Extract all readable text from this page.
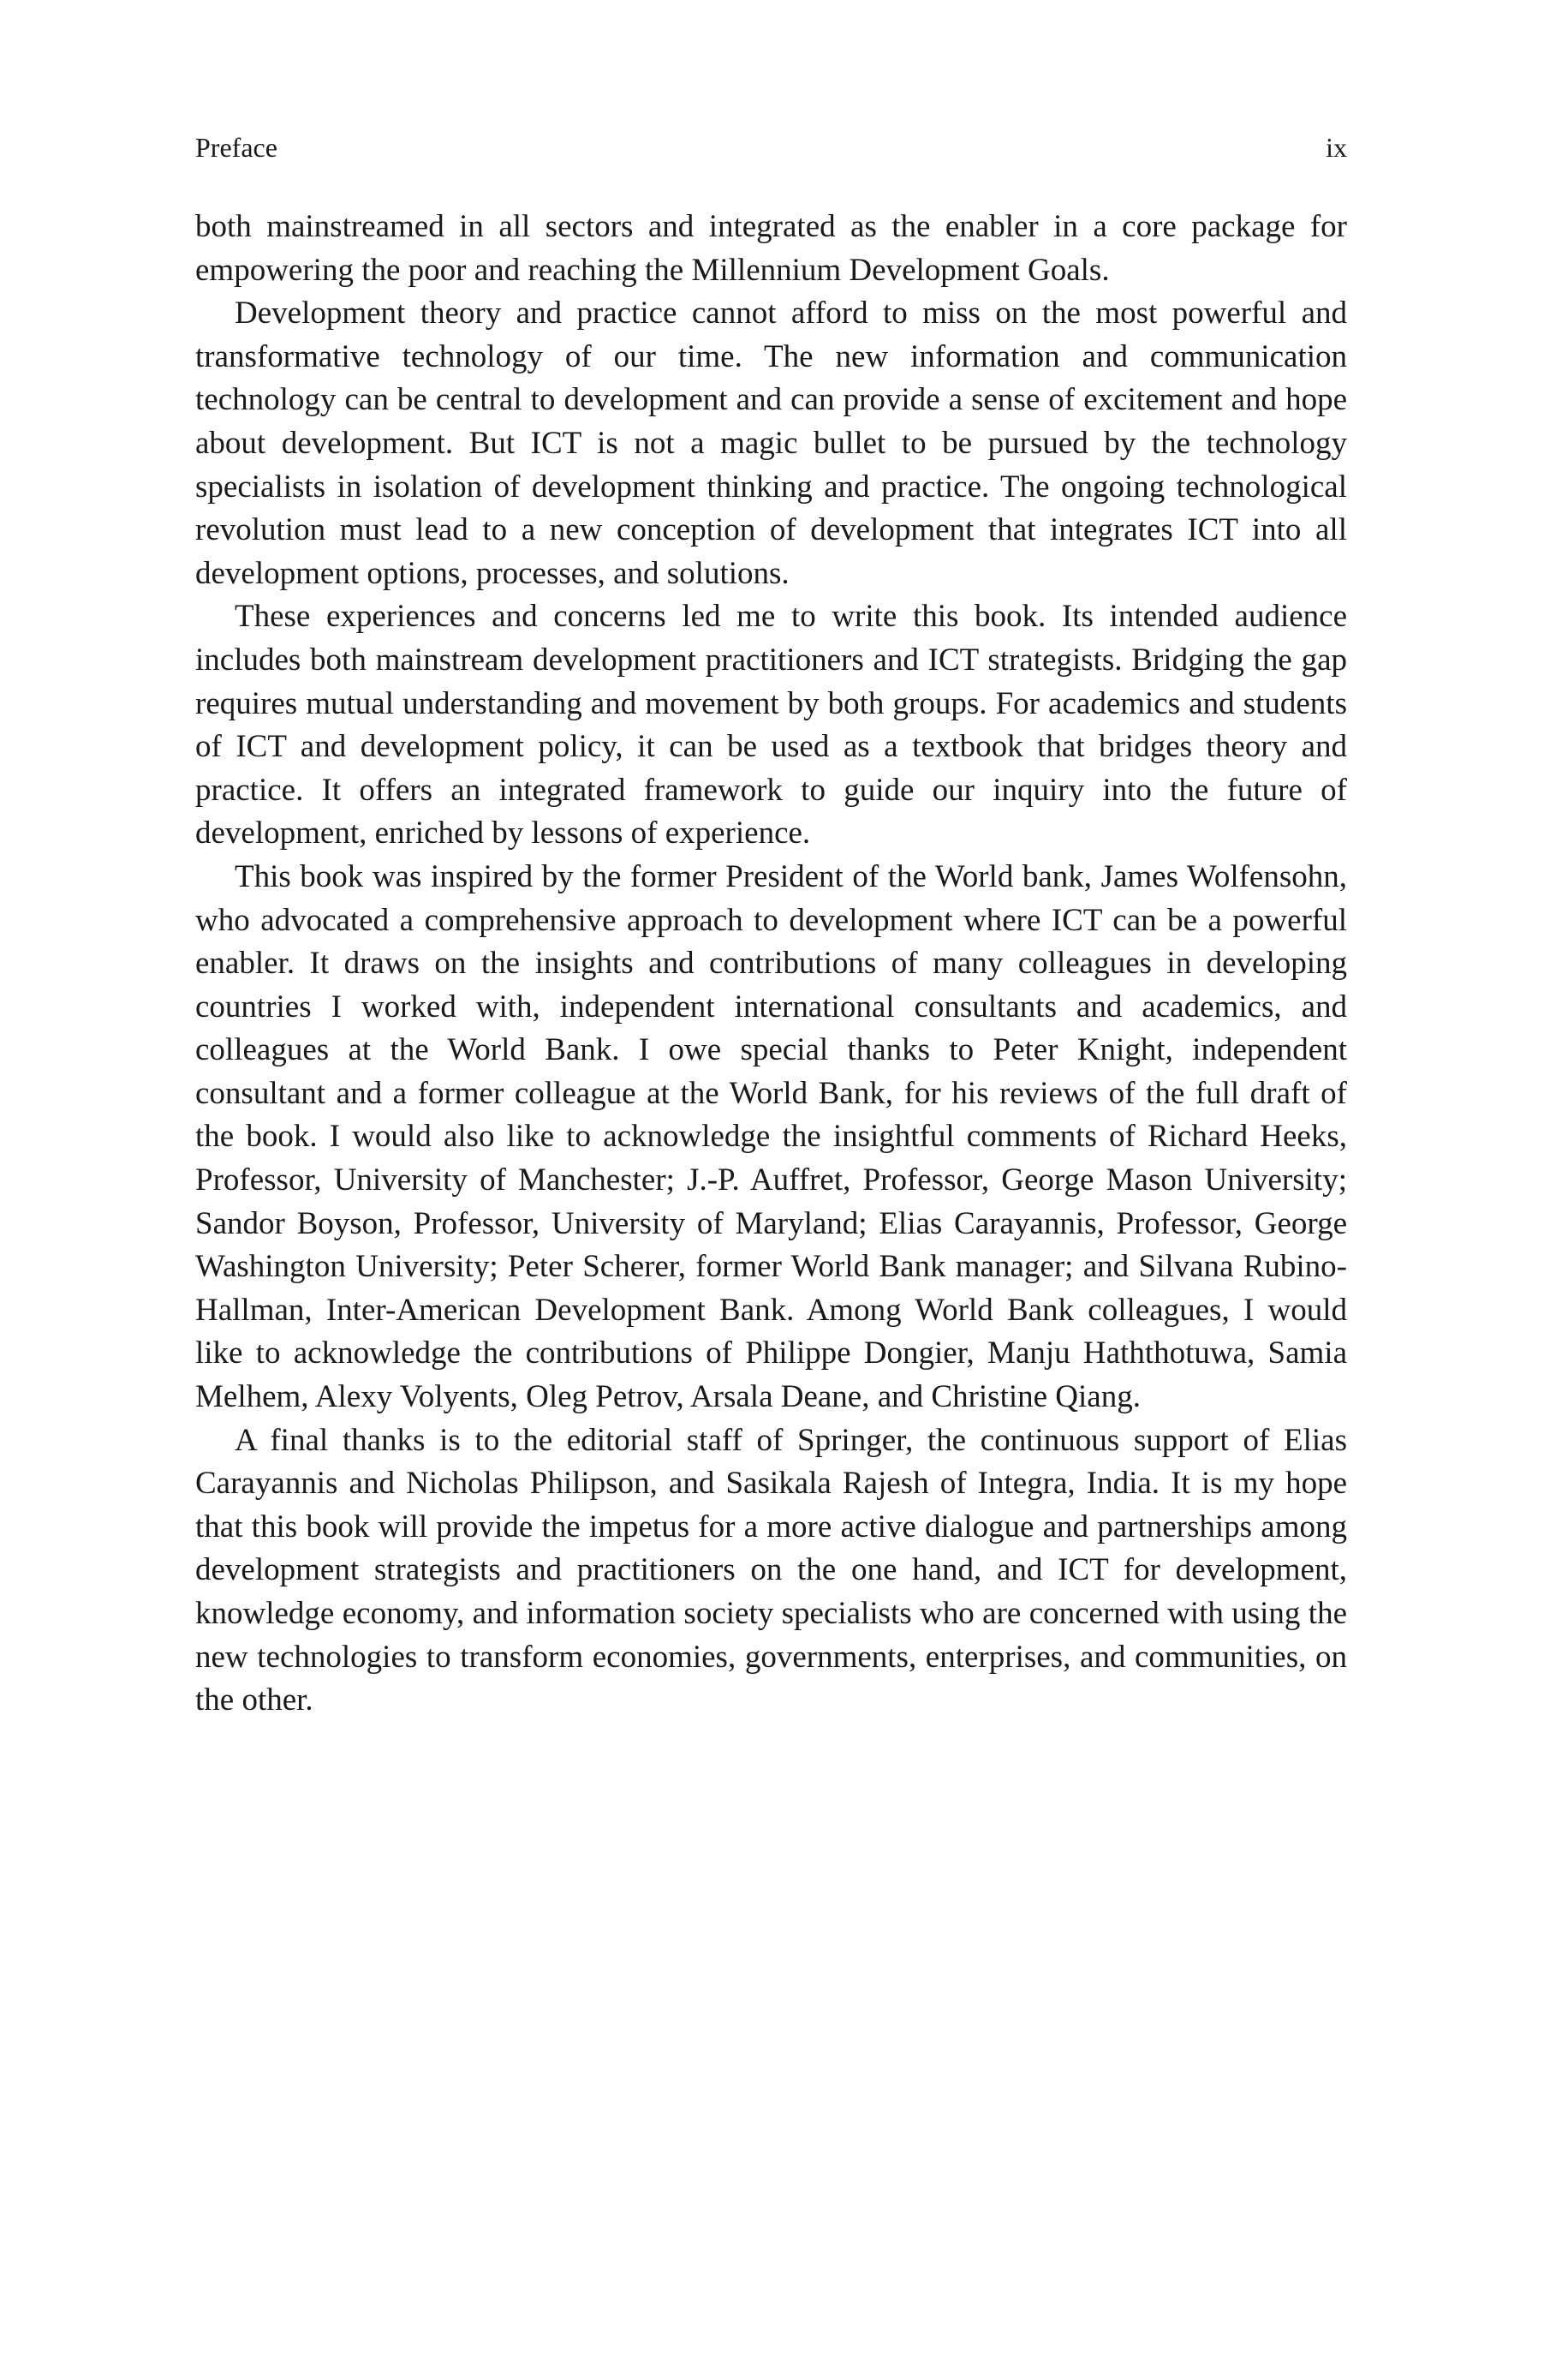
Preface	ix

both mainstreamed in all sectors and integrated as the enabler in a core package for empowering the poor and reaching the Millennium Development Goals.

Development theory and practice cannot afford to miss on the most powerful and transformative technology of our time. The new information and communication technology can be central to development and can provide a sense of excitement and hope about development. But ICT is not a magic bullet to be pursued by the technology specialists in isolation of development thinking and practice. The ongoing technological revolution must lead to a new conception of development that integrates ICT into all development options, processes, and solutions.

These experiences and concerns led me to write this book. Its intended audience includes both mainstream development practitioners and ICT strategists. Bridging the gap requires mutual understanding and movement by both groups. For academics and students of ICT and development policy, it can be used as a textbook that bridges theory and practice. It offers an integrated framework to guide our inquiry into the future of development, enriched by lessons of experience.

This book was inspired by the former President of the World bank, James Wolfensohn, who advocated a comprehensive approach to development where ICT can be a powerful enabler. It draws on the insights and contributions of many colleagues in developing countries I worked with, independent international consultants and academics, and colleagues at the World Bank. I owe special thanks to Peter Knight, independent consultant and a former colleague at the World Bank, for his reviews of the full draft of the book. I would also like to acknowledge the insightful comments of Richard Heeks, Professor, University of Manchester; J.-P. Auffret, Professor, George Mason University; Sandor Boyson, Professor, University of Maryland; Elias Carayannis, Professor, George Washington University; Peter Scherer, former World Bank manager; and Silvana Rubino-Hallman, Inter-American Development Bank. Among World Bank colleagues, I would like to acknowledge the contributions of Philippe Dongier, Manju Haththotuwa, Samia Melhem, Alexy Volyents, Oleg Petrov, Arsala Deane, and Christine Qiang.

A final thanks is to the editorial staff of Springer, the continuous support of Elias Carayannis and Nicholas Philipson, and Sasikala Rajesh of Integra, India. It is my hope that this book will provide the impetus for a more active dialogue and partnerships among development strategists and practitioners on the one hand, and ICT for development, knowledge economy, and information society specialists who are concerned with using the new technologies to transform economies, governments, enterprises, and communities, on the other.
